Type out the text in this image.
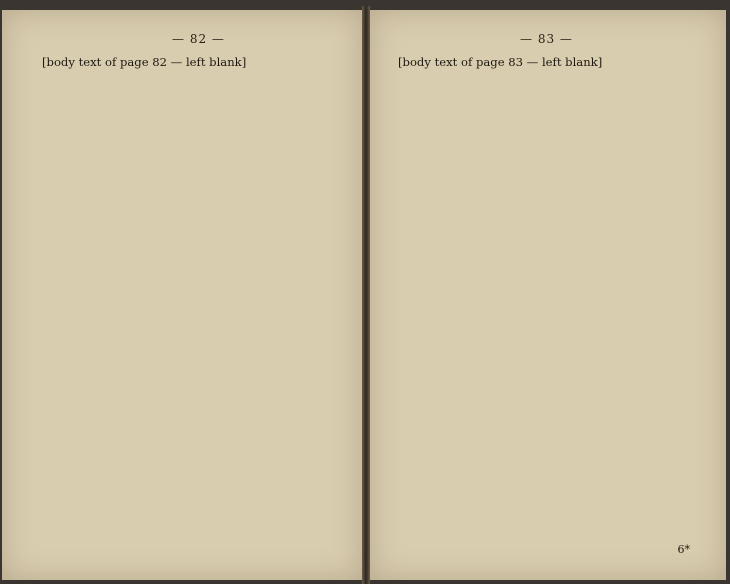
— 82 —
[body text of page 82 — left blank]
— 83 —
[body text of page 83 — left blank]
6*
